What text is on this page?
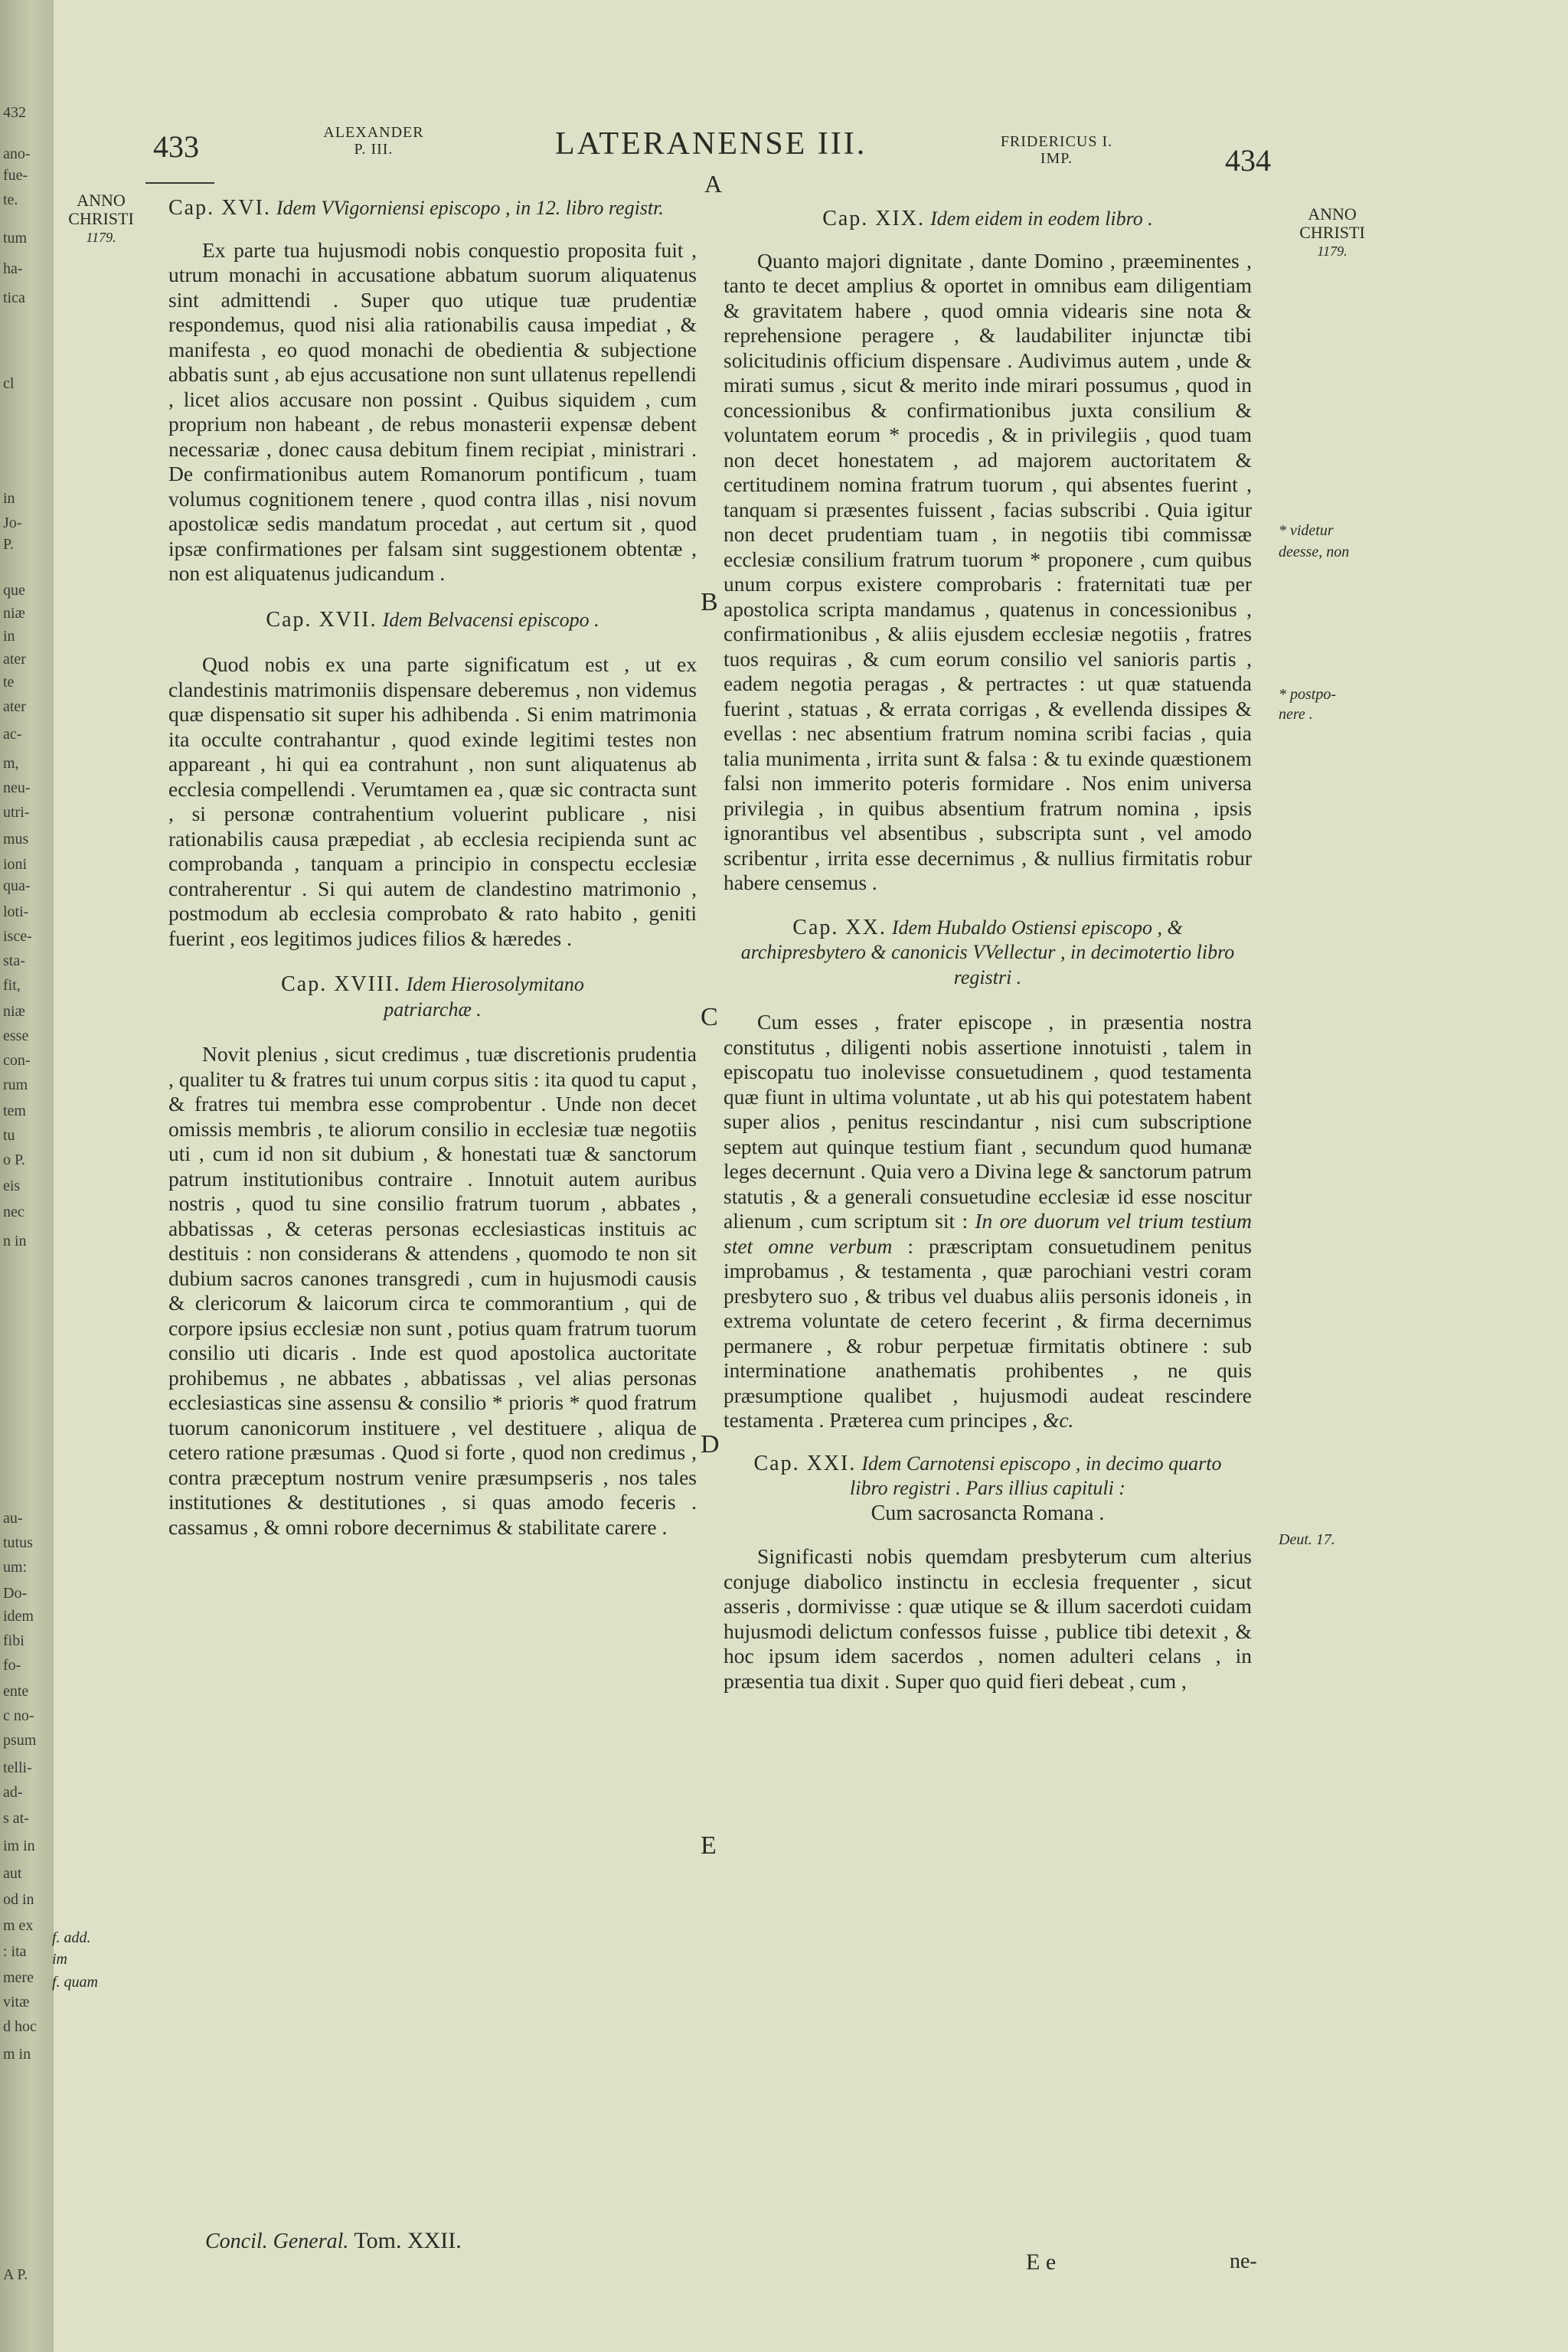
432
ano-
fue-
te.
tum
ha-
tica
cl
in
Jo-
P.
que
niæ
in
ater
te
ater
ac-
m,
neu-
utri-
mus
ioni
qua-
loti-
isce-
sta-
fit,
niæ
esse
con-
rum
tem
tu
o P.
eis
nec
n in
au-
tutus
um:
Do-
idem
fibi
fo-
ente
c no-
psum
telli-
ad-
s at-
im in
aut
od in
m ex
: ita
mere
vitæ
d hoc
m in
A P.
433	ALEXANDER
P. III.	LATERANENSE III.	FRIDERICUS I.
IMP.	434
A
ANNO
CHRISTI
1179.
ANNO
CHRISTI
1179.
* videtur
deesse, non
* postpo-
nere .
Deut. 17.
f. add.
im
f. quam
B
C
D
E
Cap. XVI. Idem VVigorniensi episcopo , in 12. libro registr.

Ex parte tua hujusmodi nobis conquestio proposita fuit , utrum monachi in accusatione abbatum suorum aliquatenus sint admittendi . Super quo utique tuæ prudentiæ respondemus, quod nisi alia rationabilis causa impediat , & manifesta , eo quod monachi de obedientia & subjectione abbatis sunt , ab ejus accusatione non sunt ullatenus repellendi , licet alios accusare non possint . Quibus siquidem , cum proprium non habeant , de rebus monasterii expensæ debent necessariæ , donec causa debitum finem recipiat , ministrari . De confirmationibus autem Romanorum pontificum , tuam volumus cognitionem tenere , quod contra illas , nisi novum apostolicæ sedis mandatum procedat , aut certum sit , quod ipsæ confirmationes per falsam sint suggestionem obtentæ , non est aliquatenus judicandum .

Cap. XVII. Idem Belvacensi episcopo .

Quod nobis ex una parte significatum est , ut ex clandestinis matrimoniis dispensare deberemus , non videmus quæ dispensatio sit super his adhibenda . Si enim matrimonia ita occulte contrahantur , quod exinde legitimi testes non appareant , hi qui ea contrahunt , non sunt aliquatenus ab ecclesia compellendi . Verumtamen ea , quæ sic contracta sunt , si personæ contrahentium voluerint publicare , nisi rationabilis causa præpediat , ab ecclesia recipienda sunt ac comprobanda , tanquam a principio in conspectu ecclesiæ contraherentur . Si qui autem de clandestino matrimonio , postmodum ab ecclesia comprobato & rato habito , geniti fuerint , eos legitimos judices filios & hæredes .

Cap. XVIII. Idem Hierosolymitano patriarchæ .

Novit plenius , sicut credimus , tuæ discretionis prudentia , qualiter tu & fratres tui unum corpus sitis : ita quod tu caput , & fratres tui membra esse comprobentur . Unde non decet omissis membris , te aliorum consilio in ecclesiæ tuæ negotiis uti , cum id non sit dubium , & honestati tuæ & sanctorum patrum institutionibus contraire . Innotuit autem auribus nostris , quod tu sine consilio fratrum tuorum , abbates , abbatissas , & ceteras personas ecclesiasticas instituis ac destituis : non considerans & attendens , quomodo te non sit dubium sacros canones transgredi , cum in hujusmodi causis & clericorum & laicorum circa te commorantium , qui de corpore ipsius ecclesiæ non sunt , potius quam fratrum tuorum consilio uti dicaris . Inde est quod apostolica auctoritate prohibemus , ne abbates , abbatissas , vel alias personas ecclesiasticas sine assensu & consilio * prioris * quod fratrum tuorum canonicorum instituere , vel destituere , aliqua de cetero ratione præsumas . Quod si forte , quod non credimus , contra præceptum nostrum venire præsumpseris , nos tales institutiones & destitutiones , si quas amodo feceris . cassamus , & omni robore decernimus & stabilitate carere .

Cap. XIX. Idem eidem in eodem libro .

Quanto majori dignitate , dante Domino , præeminentes , tanto te decet amplius & oportet in omnibus eam diligentiam & gravitatem habere , quod omnia videaris sine nota & reprehensione peragere , & laudabiliter injunctæ tibi solicitudinis officium dispensare . Audivimus autem , unde & mirati sumus , sicut & merito inde mirari possumus , quod in concessionibus & confirmationibus juxta consilium & voluntatem eorum * procedis , & in privilegiis , quod tuam non decet honestatem , ad majorem auctoritatem & certitudinem nomina fratrum tuorum , qui absentes fuerint , tanquam si præsentes fuissent , facias subscribi . Quia igitur non decet prudentiam tuam , in negotiis tibi commissæ ecclesiæ consilium fratrum tuorum * proponere , cum quibus unum corpus existere comprobaris : fraternitati tuæ per apostolica scripta mandamus , quatenus in concessionibus , confirmationibus , & aliis ejusdem ecclesiæ negotiis , fratres tuos requiras , & cum eorum consilio vel sanioris partis , eadem negotia peragas , & pertractes : ut quæ statuenda fuerint , statuas , & errata corrigas , & evellenda dissipes & evellas : nec absentium fratrum nomina scribi facias , quia talia munimenta , irrita sunt & falsa : & tu exinde quæstionem falsi non immerito poteris formidare . Nos enim universa privilegia , in quibus absentium fratrum nomina , ipsis ignorantibus vel absentibus , subscripta sunt , vel amodo scribentur , irrita esse decernimus , & nullius firmitatis robur habere censemus .

Cap. XX. Idem Hubaldo Ostiensi episcopo , & archipresbytero & canonicis VVellectur , in decimotertio libro registri .

Cum esses , frater episcope , in præsentia nostra constitutus , diligenti nobis assertione innotuisti , talem in episcopatu tuo inolevisse consuetudinem , quod testamenta quæ fiunt in ultima voluntate , ut ab his qui potestatem habent super alios , penitus rescindantur , nisi cum subscriptione septem aut quinque testium fiant , secundum quod humanæ leges decernunt . Quia vero a Divina lege & sanctorum patrum statutis , & a generali consuetudine ecclesiæ id esse noscitur alienum , cum scriptum sit : In ore duorum vel trium testium stet omne verbum : præscriptam consuetudinem penitus improbamus , & testamenta , quæ parochiani vestri coram presbytero suo , & tribus vel duabus aliis personis idoneis , in extrema voluntate de cetero fecerint , & firma decernimus permanere , & robur perpetuæ firmitatis obtinere : sub interminatione anathematis prohibentes , ne quis præsumptione qualibet , hujusmodi audeat rescindere testamenta . Præterea cum principes , &c.

Cap. XXI. Idem Carnotensi episcopo , in decimo quarto libro registri . Pars illius capituli :
Cum sacrosancta Romana .

Significasti nobis quemdam presbyterum cum alterius conjuge diabolico instinctu in ecclesia frequenter , sicut asseris , dormivisse : quæ utique se & illum sacerdoti cuidam hujusmodi delictum confessos fuisse , publice tibi detexit , & hoc ipsum idem sacerdos , nomen adulteri celans , in præsentia tua dixit . Super quo quid fieri debeat , cum ,

Concil. General. Tom. XXII.
E e	ne-
